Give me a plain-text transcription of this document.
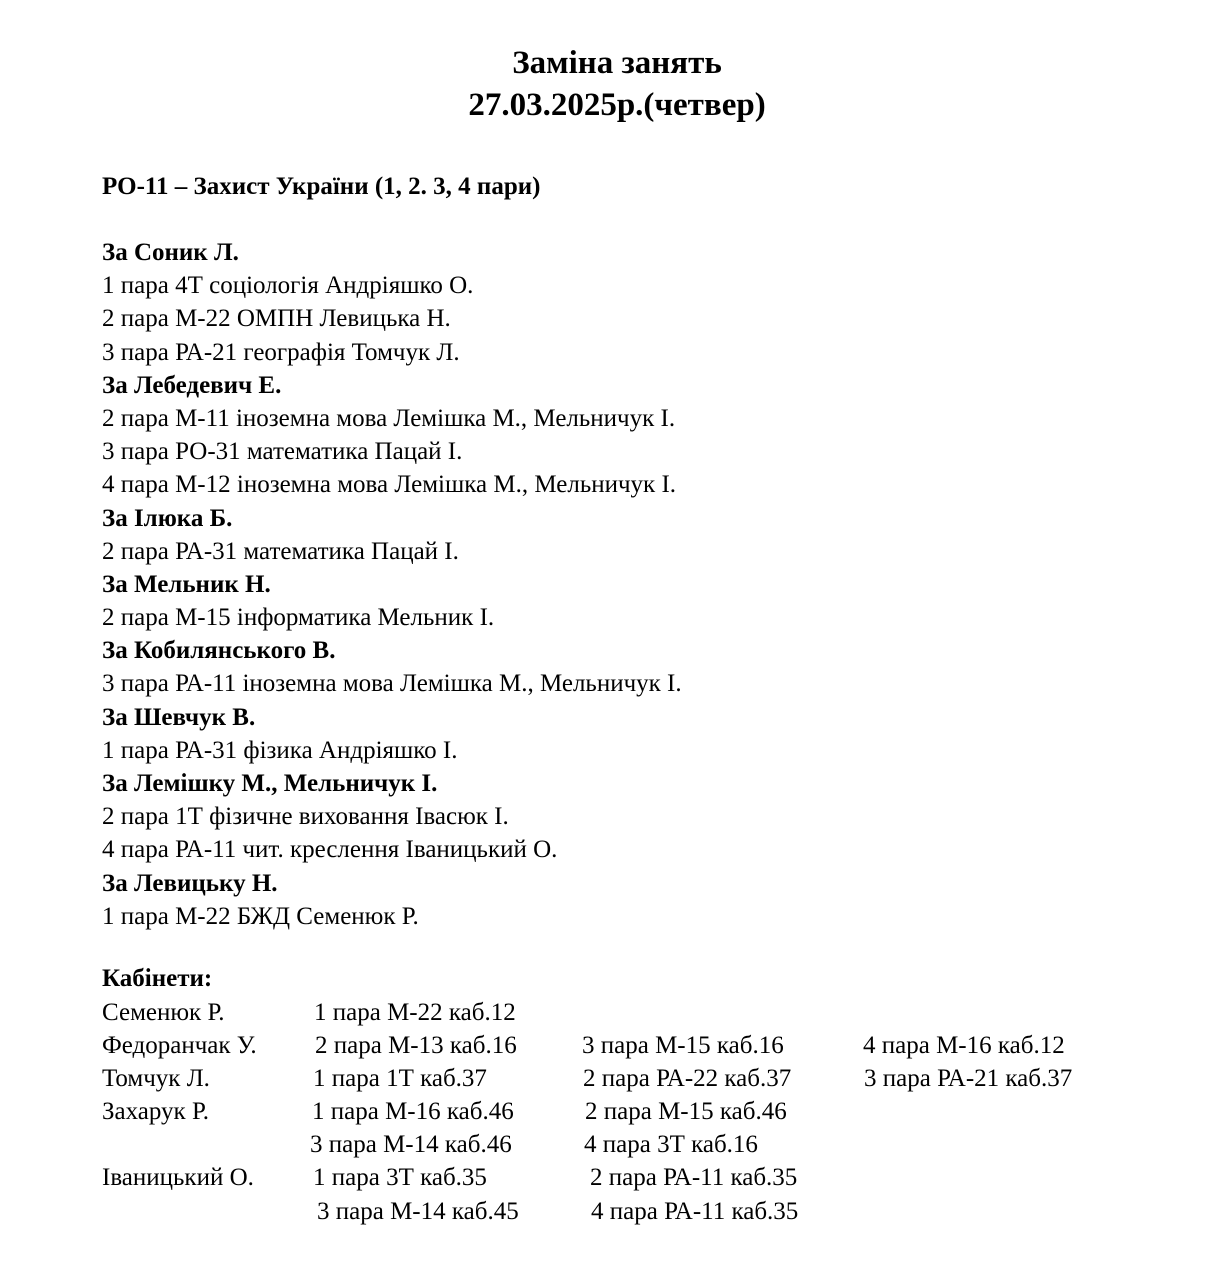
Заміна занять
27.03.2025р.(четвер)

РО-11 – Захист України (1, 2. 3, 4 пари)

За Соник Л.
1 пара 4Т соціологія Андріяшко О.
2 пара М-22 ОМПН Левицька Н.
3 пара РА-21 географія Томчук Л.
За Лебедевич Е.
2 пара М-11 іноземна мова Лемішка М., Мельничук І.
3 пара РО-31 математика Пацай І.
4 пара М-12 іноземна мова Лемішка М., Мельничук І.
За Ілюка Б.
2 пара РА-31 математика Пацай І.
За Мельник Н.
2 пара М-15 інформатика Мельник І.
За Кобилянського В.
3 пара РА-11 іноземна мова Лемішка М., Мельничук І.
За Шевчук В.
1 пара РА-31 фізика Андріяшко І.
За Лемішку М., Мельничук І.
2 пара 1Т фізичне виховання Івасюк І.
4 пара РА-11 чит. креслення Іваницький О.
За Левицьку Н.
1 пара М-22 БЖД Семенюк Р.

Кабінети:

Семенюк Р.	1 пара М-22 каб.12
Федоранчак У. 2 пара М-13 каб.16	3 пара М-15 каб.16	4 пара М-16 каб.12
Томчук Л.	1 пара 1Т каб.37	2 пара РА-22 каб.37	3 пара РА-21 каб.37
Захарук Р.	1 пара М-16 каб.46	2 пара М-15 каб.46
3 пара М-14 каб.46	4 пара 3Т каб.16
Іваницький О. 1 пара 3Т каб.35	2 пара РА-11 каб.35
3 пара М-14 каб.45	4 пара РА-11 каб.35
